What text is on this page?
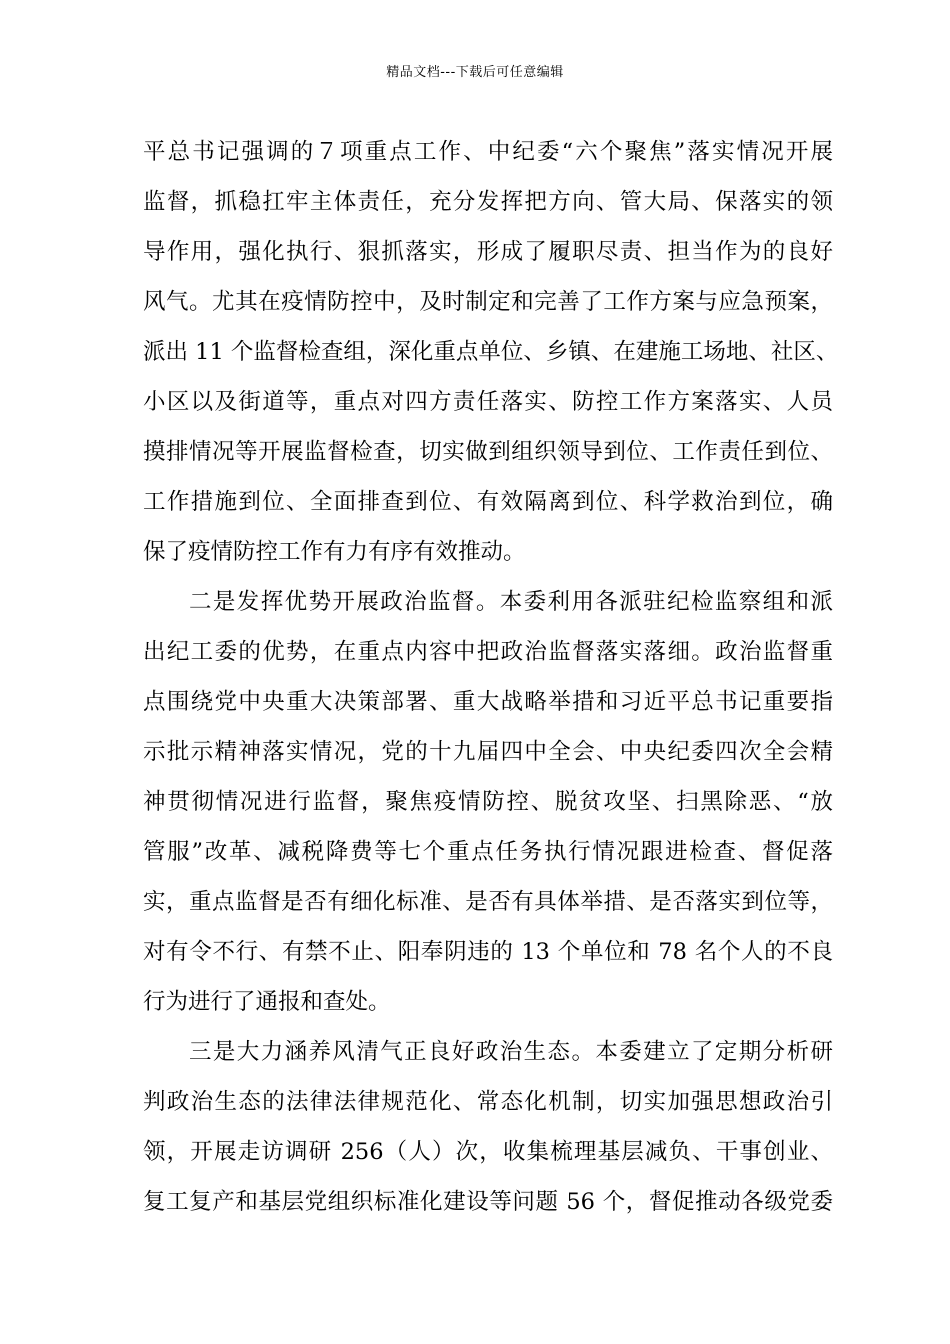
精品文档---下载后可任意编辑
平总书记强调的７项重点工作、中纪委“六个聚焦”落实情况开展
监督，抓稳扛牢主体责任，充分发挥把方向、管大局、保落实的领
导作用，强化执行、狠抓落实，形成了履职尽责、担当作为的良好
风气。尤其在疫情防控中，及时制定和完善了工作方案与应急预案，
派出 11 个监督检查组，深化重点单位、乡镇、在建施工场地、社区、
小区以及街道等，重点对四方责任落实、防控工作方案落实、人员
摸排情况等开展监督检查，切实做到组织领导到位、工作责任到位、
工作措施到位、全面排查到位、有效隔离到位、科学救治到位，确
保了疫情防控工作有力有序有效推动。
二是发挥优势开展政治监督。本委利用各派驻纪检监察组和派
出纪工委的优势，在重点内容中把政治监督落实落细。政治监督重
点围绕党中央重大决策部署、重大战略举措和习近平总书记重要指
示批示精神落实情况，党的十九届四中全会、中央纪委四次全会精
神贯彻情况进行监督，聚焦疫情防控、脱贫攻坚、扫黑除恶、“放
管服”改革、减税降费等七个重点任务执行情况跟进检查、督促落
实，重点监督是否有细化标准、是否有具体举措、是否落实到位等，
对有令不行、有禁不止、阳奉阴违的 13 个单位和 78 名个人的不良
行为进行了通报和查处。
三是大力涵养风清气正良好政治生态。本委建立了定期分析研
判政治生态的法律法律规范化、常态化机制，切实加强思想政治引
领，开展走访调研 256（人）次，收集梳理基层减负、干事创业、
复工复产和基层党组织标准化建设等问题 56 个，督促推动各级党委
